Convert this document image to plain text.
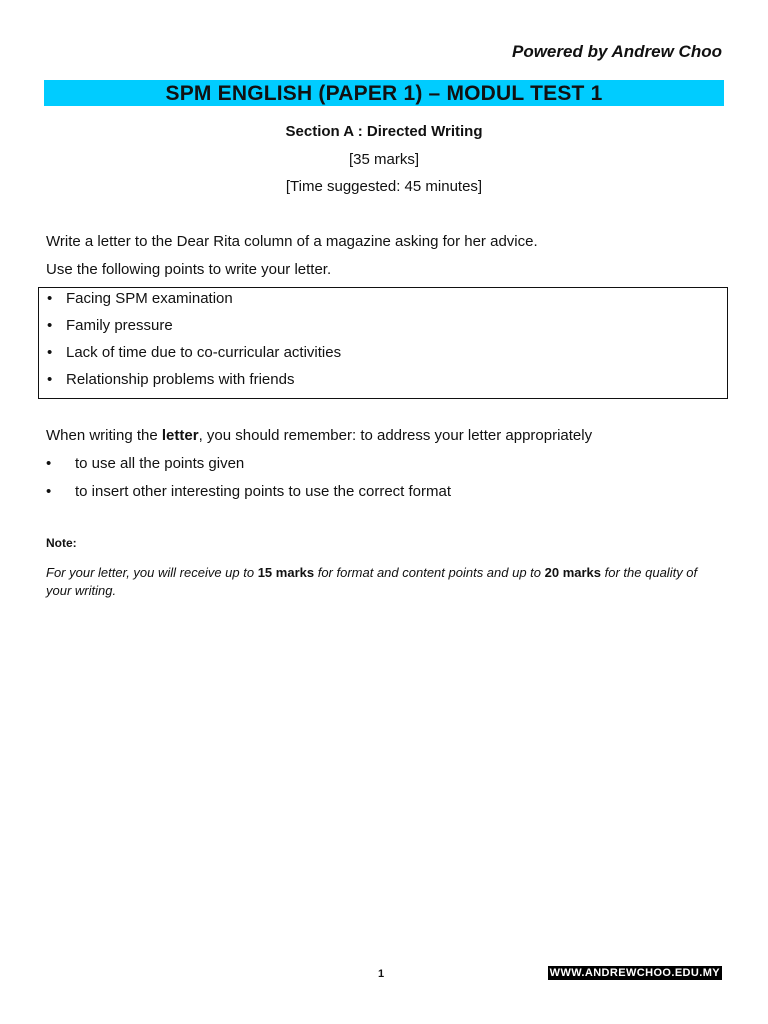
Powered by Andrew Choo

SPM ENGLISH (PAPER 1) – MODUL TEST 1

Section A : Directed Writing

[35 marks]

[Time suggested: 45 minutes]

Write a letter to the Dear Rita column of a magazine asking for her advice.

Use the following points to write your letter.

• Facing SPM examination
• Family pressure
• Lack of time due to co-curricular activities
• Relationship problems with friends

When writing the letter, you should remember: to address your letter appropriately

• to use all the points given
• to insert other interesting points to use the correct format

Note:

For your letter, you will receive up to 15 marks for format and content points and up to 20 marks for the quality of your writing.

1	WWW.ANDREWCHOO.EDU.MY
